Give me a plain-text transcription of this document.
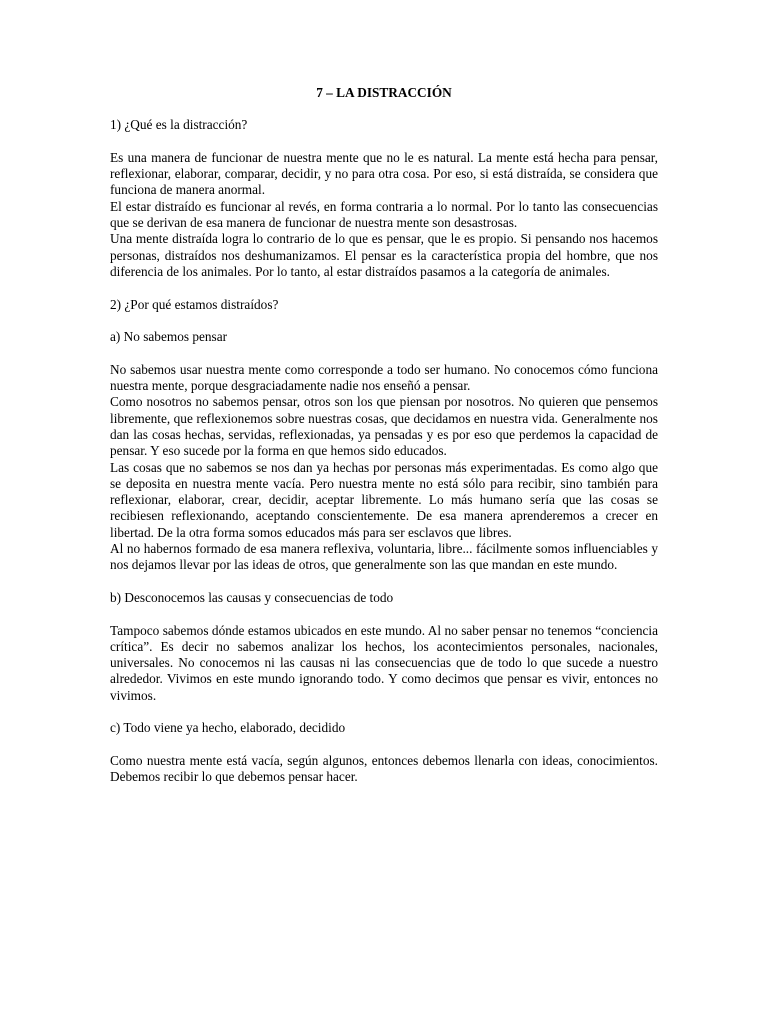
7 – LA DISTRACCIÓN

1) ¿Qué es la distracción?

Es una manera de funcionar de nuestra mente que no le es natural. La mente está hecha para pensar, reflexionar, elaborar, comparar, decidir, y no para otra cosa. Por eso, si está distraída, se considera que funciona de manera anormal.

El estar distraído es funcionar al revés, en forma contraria a lo normal. Por lo tanto las consecuencias que se derivan de esa manera de funcionar de nuestra mente son desastrosas.

Una mente distraída logra lo contrario de lo que es pensar, que le es propio. Si pensando nos hacemos personas, distraídos nos deshumanizamos. El pensar es la característica propia del hombre, que nos diferencia de los animales. Por lo tanto, al estar distraídos pasamos a la categoría de animales.

2) ¿Por qué estamos distraídos?

a) No sabemos pensar

No sabemos usar nuestra mente como corresponde a todo ser humano. No conocemos cómo funciona nuestra mente, porque desgraciadamente nadie nos enseñó a pensar.

Como nosotros no sabemos pensar, otros son los que piensan por nosotros. No quieren que pensemos libremente, que reflexionemos sobre nuestras cosas, que decidamos en nuestra vida. Generalmente nos dan las cosas hechas, servidas, reflexionadas, ya pensadas y es por eso que perdemos la capacidad de pensar. Y eso sucede por la forma en que hemos sido educados.

Las cosas que no sabemos se nos dan ya hechas por personas más experimentadas. Es como algo que se deposita en nuestra mente vacía. Pero nuestra mente no está sólo para recibir, sino también para reflexionar, elaborar, crear, decidir, aceptar libremente. Lo más humano sería que las cosas se recibiesen reflexionando, aceptando conscientemente. De esa manera aprenderemos a crecer en libertad. De la otra forma somos educados más para ser esclavos que libres.

Al no habernos formado de esa manera reflexiva, voluntaria, libre... fácilmente somos influenciables y nos dejamos llevar por las ideas de otros, que generalmente son las que mandan en este mundo.

b) Desconocemos las causas y consecuencias de todo

Tampoco sabemos dónde estamos ubicados en este mundo. Al no saber pensar no tenemos “conciencia crítica”. Es decir no sabemos analizar los hechos, los acontecimientos personales, nacionales, universales. No conocemos ni las causas ni las consecuencias que de todo lo que sucede a nuestro alrededor. Vivimos en este mundo ignorando todo. Y como decimos que pensar es vivir, entonces no vivimos.

c) Todo viene ya hecho, elaborado, decidido

Como nuestra mente está vacía, según algunos, entonces debemos llenarla con ideas, conocimientos. Debemos recibir lo que debemos pensar hacer.
